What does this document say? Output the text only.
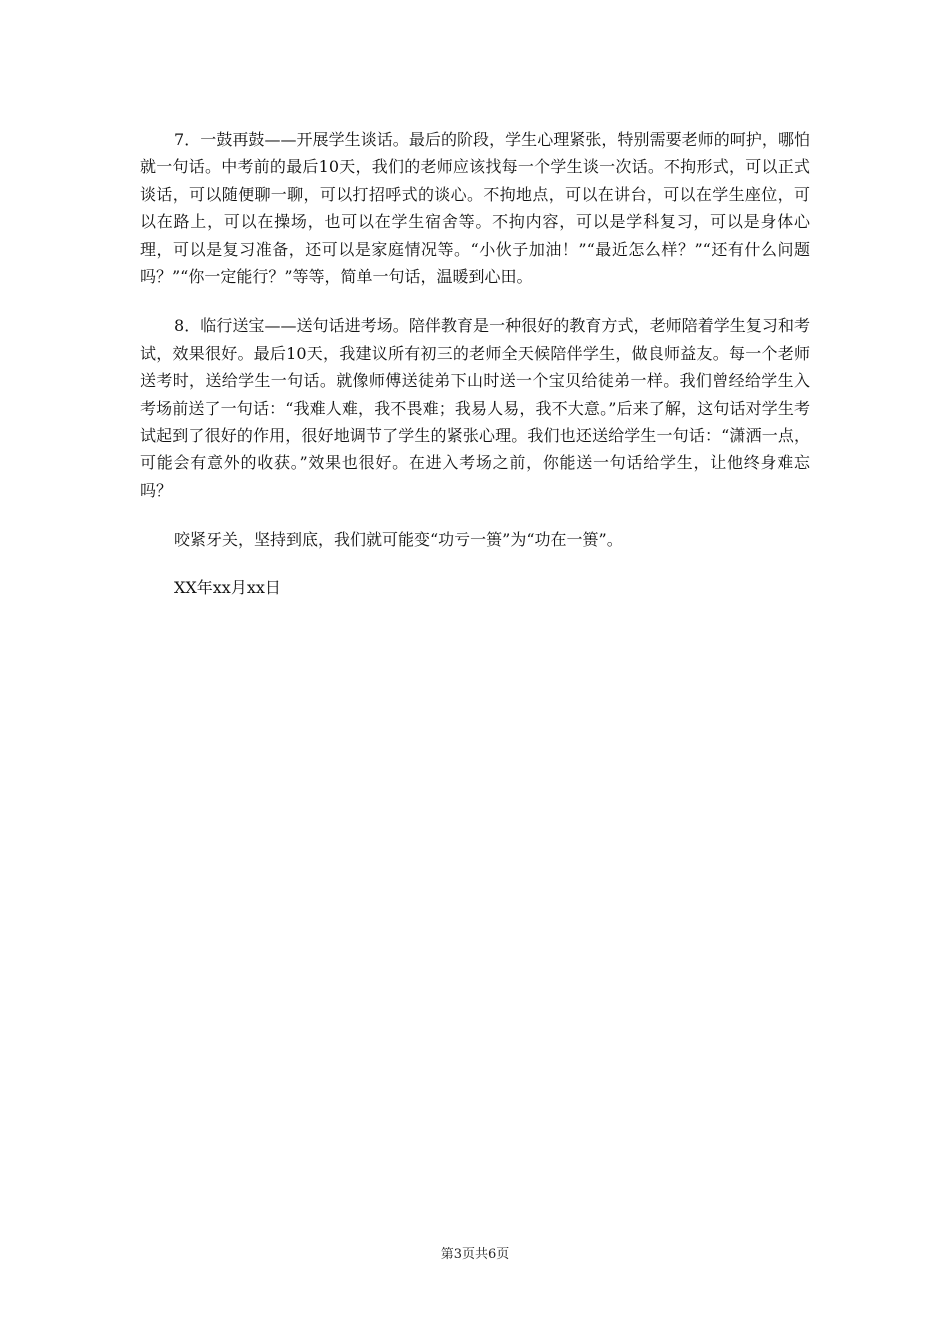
7．一鼓再鼓——开展学生谈话。最后的阶段，学生心理紧张，特别需要老师的呵护，哪怕就一句话。中考前的最后10天，我们的老师应该找每一个学生谈一次话。不拘形式，可以正式谈话，可以随便聊一聊，可以打招呼式的谈心。不拘地点，可以在讲台，可以在学生座位，可以在路上，可以在操场，也可以在学生宿舍等。不拘内容，可以是学科复习，可以是身体心理，可以是复习准备，还可以是家庭情况等。“小伙子加油！”“最近怎么样？”“还有什么问题吗？”“你一定能行？”等等，简单一句话，温暖到心田。

8．临行送宝——送句话进考场。陪伴教育是一种很好的教育方式，老师陪着学生复习和考试，效果很好。最后10天，我建议所有初三的老师全天候陪伴学生，做良师益友。每一个老师送考时，送给学生一句话。就像师傅送徒弟下山时送一个宝贝给徒弟一样。我们曾经给学生入考场前送了一句话：“我难人难，我不畏难；我易人易，我不大意。”后来了解，这句话对学生考试起到了很好的作用，很好地调节了学生的紧张心理。我们也还送给学生一句话：“潇洒一点，可能会有意外的收获。”效果也很好。在进入考场之前，你能送一句话给学生，让他终身难忘吗？

咬紧牙关，坚持到底，我们就可能变“功亏一篑”为“功在一篑”。

XX年xx月xx日

第3页共6页
